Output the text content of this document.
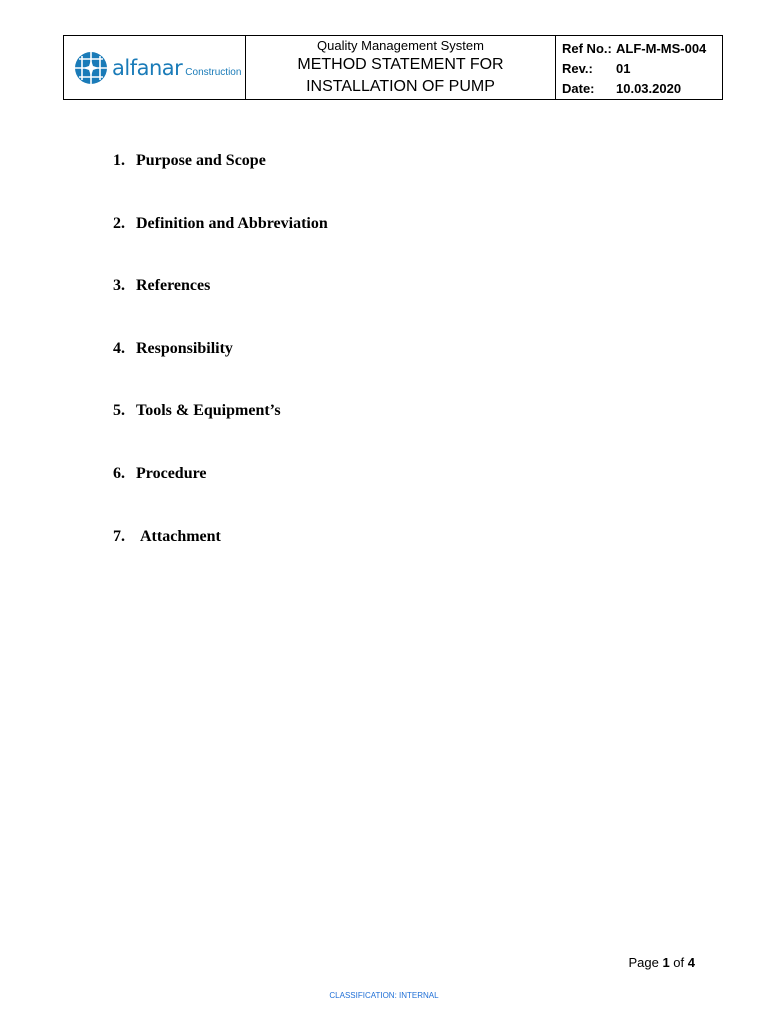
alfanar Construction
Quality Management System
METHOD STATEMENT FOR
INSTALLATION OF PUMP
Ref No.: ALF-M-MS-004
Rev.:	01
Date:	10.03.2020
1. Purpose and Scope
2. Definition and Abbreviation
3. References
4. Responsibility
5. Tools & Equipment’s
6. Procedure
7. Attachment
Page 1 of 4
CLASSIFICATION: INTERNAL
